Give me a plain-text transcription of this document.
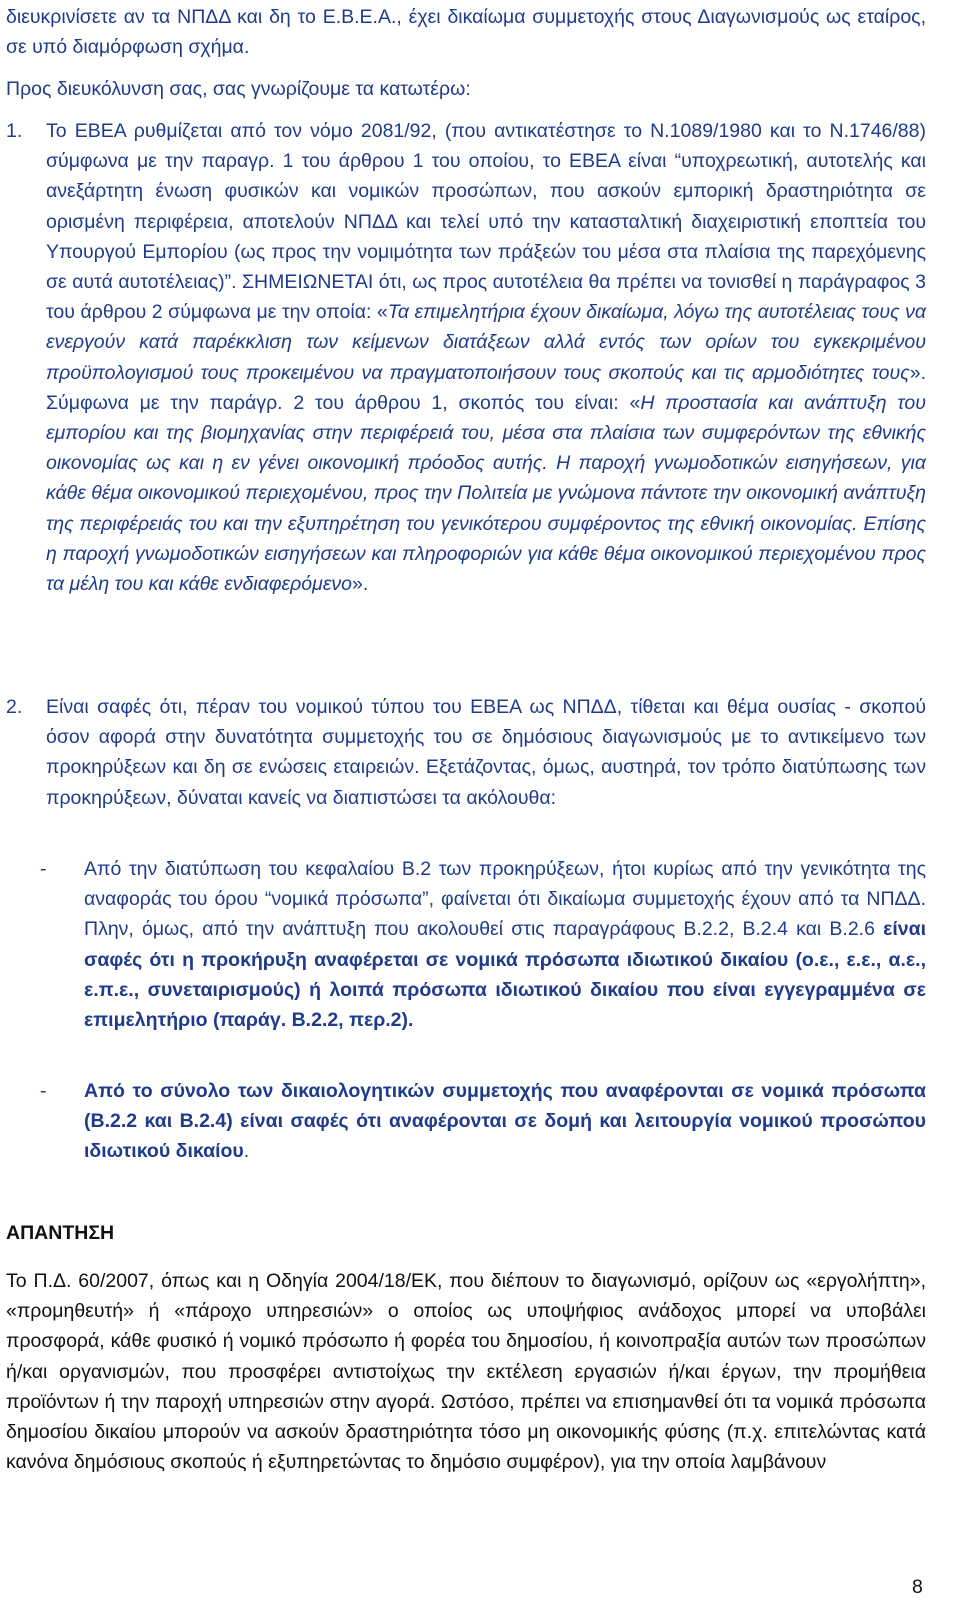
διευκρινίσετε αν τα ΝΠΔΔ και δη το Ε.Β.Ε.Α., έχει δικαίωμα συμμετοχής στους Διαγωνισμούς ως εταίρος, σε υπό διαμόρφωση σχήμα.

Προς διευκόλυνση σας, σας γνωρίζουμε τα κατωτέρω:

1.	Το ΕΒΕΑ ρυθμίζεται από τον νόμο 2081/92, (που αντικατέστησε το Ν.1089/1980 και το Ν.1746/88) σύμφωνα με την παραγρ. 1 του άρθρου 1 του οποίου, το ΕΒΕΑ είναι “υποχρεωτική, αυτοτελής και ανεξάρτητη ένωση φυσικών και νομικών προσώπων, που ασκούν εμπορική δραστηριότητα σε ορισμένη περιφέρεια, αποτελούν ΝΠΔΔ και τελεί υπό την κατασταλτική διαχειριστική εποπτεία του Υπουργού Εμπορίου (ως προς την νομιμότητα των πράξεών του μέσα στα πλαίσια της παρεχόμενης σε αυτά αυτοτέλειας)”. ΣΗΜΕΙΩΝΕΤΑΙ ότι, ως προς αυτοτέλεια θα πρέπει να τονισθεί η παράγραφος 3 του άρθρου 2 σύμφωνα με την οποία: «Τα επιμελητήρια έχουν δικαίωμα, λόγω της αυτοτέλειας τους να ενεργούν κατά παρέκκλιση των κείμενων διατάξεων αλλά εντός των ορίων του εγκεκριμένου προϋπολογισμού τους προκειμένου να πραγματοποιήσουν τους σκοπούς και τις αρμοδιότητες τους». Σύμφωνα με την παράγρ. 2 του άρθρου 1, σκοπός του είναι: «Η προστασία και ανάπτυξη του εμπορίου και της βιομηχανίας στην περιφέρειά του, μέσα στα πλαίσια των συμφερόντων της εθνικής οικονομίας ως και η εν γένει οικονομική πρόοδος αυτής. Η παροχή γνωμοδοτικών εισηγήσεων, για κάθε θέμα οικονομικού περιεχομένου, προς την Πολιτεία με γνώμονα πάντοτε την οικονομική ανάπτυξη της περιφέρειάς του και την εξυπηρέτηση του γενικότερου συμφέροντος της εθνική οικονομίας. Επίσης η παροχή γνωμοδοτικών εισηγήσεων και πληροφοριών για κάθε θέμα οικονομικού περιεχομένου προς τα μέλη του και κάθε ενδιαφερόμενο».

2.	Είναι σαφές ότι, πέραν του νομικού τύπου του ΕΒΕΑ ως ΝΠΔΔ, τίθεται και θέμα ουσίας - σκοπού όσον αφορά στην δυνατότητα συμμετοχής του σε δημόσιους διαγωνισμούς με το αντικείμενο των προκηρύξεων και δη σε ενώσεις εταιρειών. Εξετάζοντας, όμως, αυστηρά, τον τρόπο διατύπωσης των προκηρύξεων, δύναται κανείς να διαπιστώσει τα ακόλουθα:

-	Από την διατύπωση του κεφαλαίου Β.2 των προκηρύξεων, ήτοι κυρίως από την γενικότητα της αναφοράς του όρου “νομικά πρόσωπα”, φαίνεται ότι δικαίωμα συμμετοχής έχουν από τα ΝΠΔΔ. Πλην, όμως, από την ανάπτυξη που ακολουθεί στις παραγράφους Β.2.2, Β.2.4 και Β.2.6 είναι σαφές ότι η προκήρυξη αναφέρεται σε νομικά πρόσωπα ιδιωτικού δικαίου (ο.ε., ε.ε., α.ε., ε.π.ε., συνεταιρισμούς) ή λοιπά πρόσωπα ιδιωτικού δικαίου που είναι εγγεγραμμένα σε επιμελητήριο (παράγ. Β.2.2, περ.2).

-	Από το σύνολο των δικαιολογητικών συμμετοχής που αναφέρονται σε νομικά πρόσωπα (Β.2.2 και Β.2.4) είναι σαφές ότι αναφέρονται σε δομή και λειτουργία νομικού προσώπου ιδιωτικού δικαίου.

ΑΠΑΝΤΗΣΗ

Το Π.Δ. 60/2007, όπως και η Οδηγία 2004/18/ΕΚ, που διέπουν το διαγωνισμό, ορίζουν ως «εργολήπτη», «προμηθευτή» ή «πάροχο υπηρεσιών» ο οποίος ως υποψήφιος ανάδοχος μπορεί να υποβάλει προσφορά, κάθε φυσικό ή νομικό πρόσωπο ή φορέα του δημοσίου, ή κοινοπραξία αυτών των προσώπων ή/και οργανισμών, που προσφέρει αντιστοίχως την εκτέλεση εργασιών ή/και έργων, την προμήθεια προϊόντων ή την παροχή υπηρεσιών στην αγορά. Ωστόσο, πρέπει να επισημανθεί ότι τα νομικά πρόσωπα δημοσίου δικαίου μπορούν να ασκούν δραστηριότητα τόσο μη οικονομικής φύσης (π.χ. επιτελώντας κατά κανόνα δημόσιους σκοπούς ή εξυπηρετώντας το δημόσιο συμφέρον), για την οποία λαμβάνουν

8
